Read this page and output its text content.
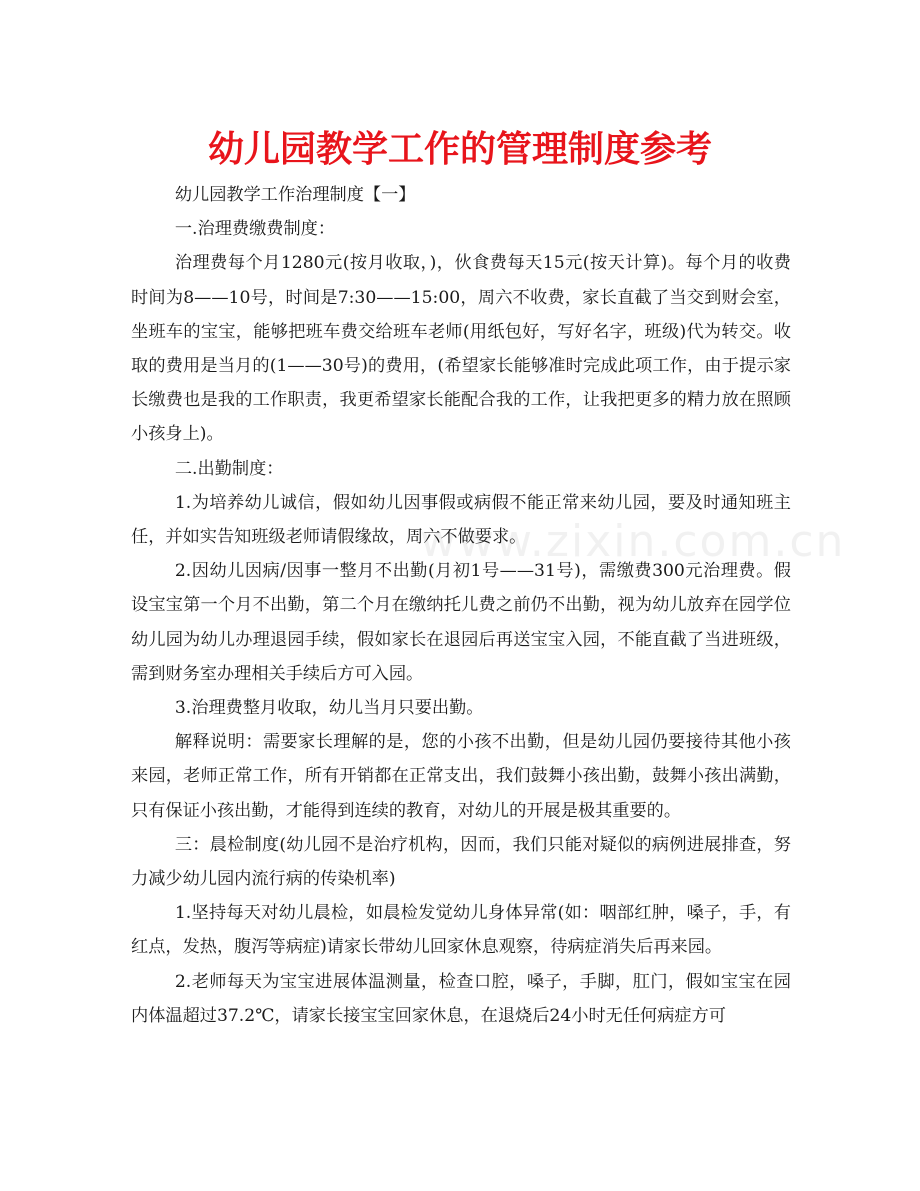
幼儿园教学工作的管理制度参考
www.zixin.com.cn

幼儿园教学工作治理制度【一】

一.治理费缴费制度：

治理费每个月1280元(按月收取，)，伙食费每天15元(按天计算)。每个月的收费时间为8——10号，时间是7:30——15:00，周六不收费，家长直截了当交到财会室，坐班车的宝宝，能够把班车费交给班车老师(用纸包好，写好名字，班级)代为转交。收取的费用是当月的(1——30号)的费用，(希望家长能够准时完成此项工作，由于提示家长缴费也是我的工作职责，我更希望家长能配合我的工作，让我把更多的精力放在照顾小孩身上)。

二.出勤制度：

1.为培养幼儿诚信，假如幼儿因事假或病假不能正常来幼儿园，要及时通知班主任，并如实告知班级老师请假缘故，周六不做要求。

2.因幼儿因病/因事一整月不出勤(月初1号——31号)，需缴费300元治理费。假设宝宝第一个月不出勤，第二个月在缴纳托儿费之前仍不出勤，视为幼儿放弃在园学位幼儿园为幼儿办理退园手续，假如家长在退园后再送宝宝入园，不能直截了当进班级，需到财务室办理相关手续后方可入园。

3.治理费整月收取，幼儿当月只要出勤。

解释说明：需要家长理解的是，您的小孩不出勤，但是幼儿园仍要接待其他小孩来园，老师正常工作，所有开销都在正常支出，我们鼓舞小孩出勤，鼓舞小孩出满勤，只有保证小孩出勤，才能得到连续的教育，对幼儿的开展是极其重要的。

三：晨检制度(幼儿园不是治疗机构，因而，我们只能对疑似的病例进展排查，努力减少幼儿园内流行病的传染机率)

1.坚持每天对幼儿晨检，如晨检发觉幼儿身体异常(如：咽部红肿，嗓子，手，有红点，发热，腹泻等病症)请家长带幼儿回家休息观察，待病症消失后再来园。

2.老师每天为宝宝进展体温测量，检查口腔，嗓子，手脚，肛门，假如宝宝在园内体温超过37.2℃，请家长接宝宝回家休息，在退烧后24小时无任何病症方可
